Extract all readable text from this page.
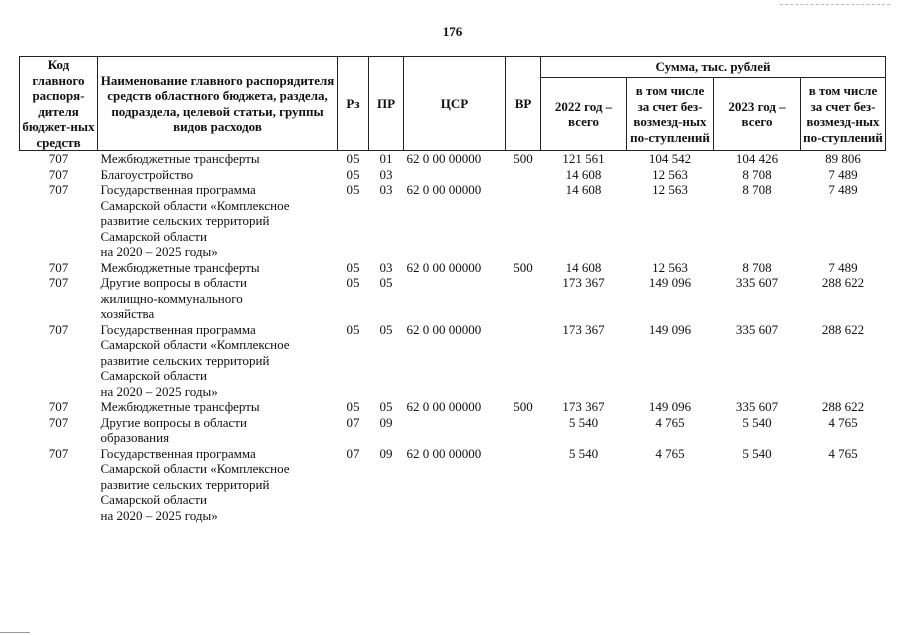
176
Код главного распоря-дителя бюджет-ных средств	Наименование главного распорядителя средств областного бюджета, раздела, подраздела, целевой статьи, группы видов расходов	Рз	ПР	ЦСР	ВР	Сумма, тыс. рублей			
						2022 год – всего	в том числе за счет без-возмезд-ных по-ступлений	2023 год – всего	в том числе за счет без-возмезд-ных по-ступлений
707	Межбюджетные трансферты	05	01	62 0 00 00000	500	121 561	104 542	104 426	89 806
707	Благоустройство	05	03			14 608	12 563	8 708	7 489
707	Государственная программа
Самарской области «Комплексное
развитие сельских территорий
Самарской области
на 2020 – 2025 годы»	05	03	62 0 00 00000		14 608	12 563	8 708	7 489
707	Межбюджетные трансферты	05	03	62 0 00 00000	500	14 608	12 563	8 708	7 489
707	Другие вопросы в области
жилищно-коммунального
хозяйства	05	05			173 367	149 096	335 607	288 622
707	Государственная программа
Самарской области «Комплексное
развитие сельских территорий
Самарской области
на 2020 – 2025 годы»	05	05	62 0 00 00000		173 367	149 096	335 607	288 622
707	Межбюджетные трансферты	05	05	62 0 00 00000	500	173 367	149 096	335 607	288 622
707	Другие вопросы в области
образования	07	09			5 540	4 765	5 540	4 765
707	Государственная программа
Самарской области «Комплексное
развитие сельских территорий
Самарской области
на 2020 – 2025 годы»	07	09	62 0 00 00000		5 540	4 765	5 540	4 765
